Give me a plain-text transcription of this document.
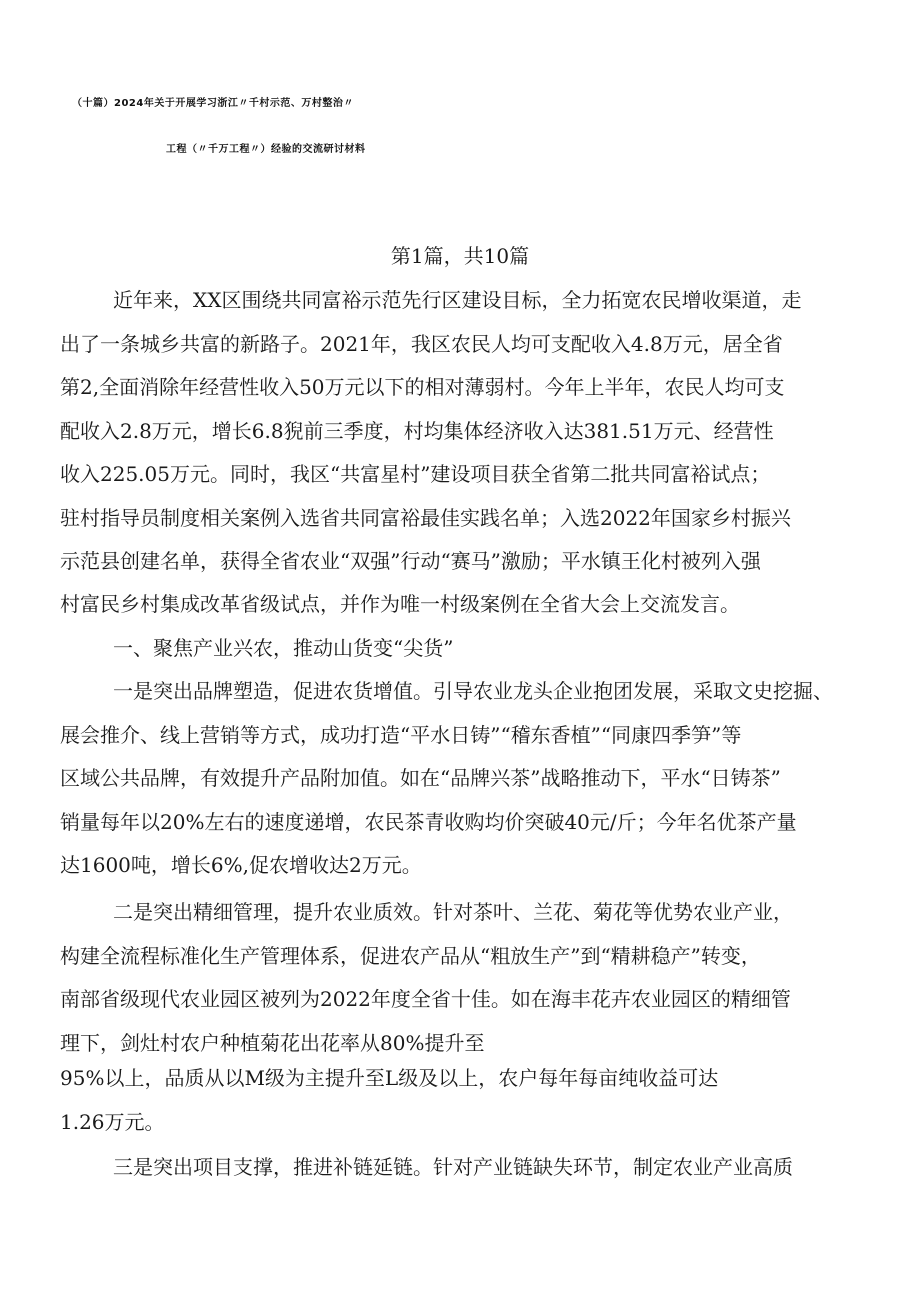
（十篇）2024年关于开展学习浙江〃千村示范、万村整治〃
工程（〃千万工程〃）经验的交流研讨材料
第1篇，共10篇
近年来，XX区围绕共同富裕示范先行区建设目标，全力拓宽农民增收渠道，走
出了一条城乡共富的新路子。2021年，我区农民人均可支配收入4.8万元，居全省
第2,全面消除年经营性收入50万元以下的相对薄弱村。今年上半年，农民人均可支
配收入2.8万元，增长6.8猊前三季度，村均集体经济收入达381.51万元、经营性
收入225.05万元。同时，我区“共富星村”建设项目获全省第二批共同富裕试点；
驻村指导员制度相关案例入选省共同富裕最佳实践名单；入选2022年国家乡村振兴
示范县创建名单，获得全省农业“双强”行动“赛马”激励；平水镇王化村被列入强
村富民乡村集成改革省级试点，并作为唯一村级案例在全省大会上交流发言。
一、聚焦产业兴农，推动山货变“尖货”
一是突出品牌塑造，促进农货增值。引导农业龙头企业抱团发展，采取文史挖掘、
展会推介、线上营销等方式，成功打造“平水日铸”“稽东香植”“同康四季笋”等
区域公共品牌，有效提升产品附加值。如在“品牌兴茶”战略推动下，平水“日铸茶”
销量每年以20%左右的速度递增，农民茶青收购均价突破40元/斤；今年名优茶产量
达1600吨，增长6%,促农增收达2万元。
二是突出精细管理，提升农业质效。针对茶叶、兰花、菊花等优势农业产业，
构建全流程标准化生产管理体系，促进农产品从“粗放生产”到“精耕稳产”转变，
南部省级现代农业园区被列为2022年度全省十佳。如在海丰花卉农业园区的精细管
理下，剑灶村农户种植菊花出花率从80%提升至
95%以上，品质从以M级为主提升至L级及以上，农户每年每亩纯收益可达
1.26万元。
三是突出项目支撑，推进补链延链。针对产业链缺失环节，制定农业产业高质
